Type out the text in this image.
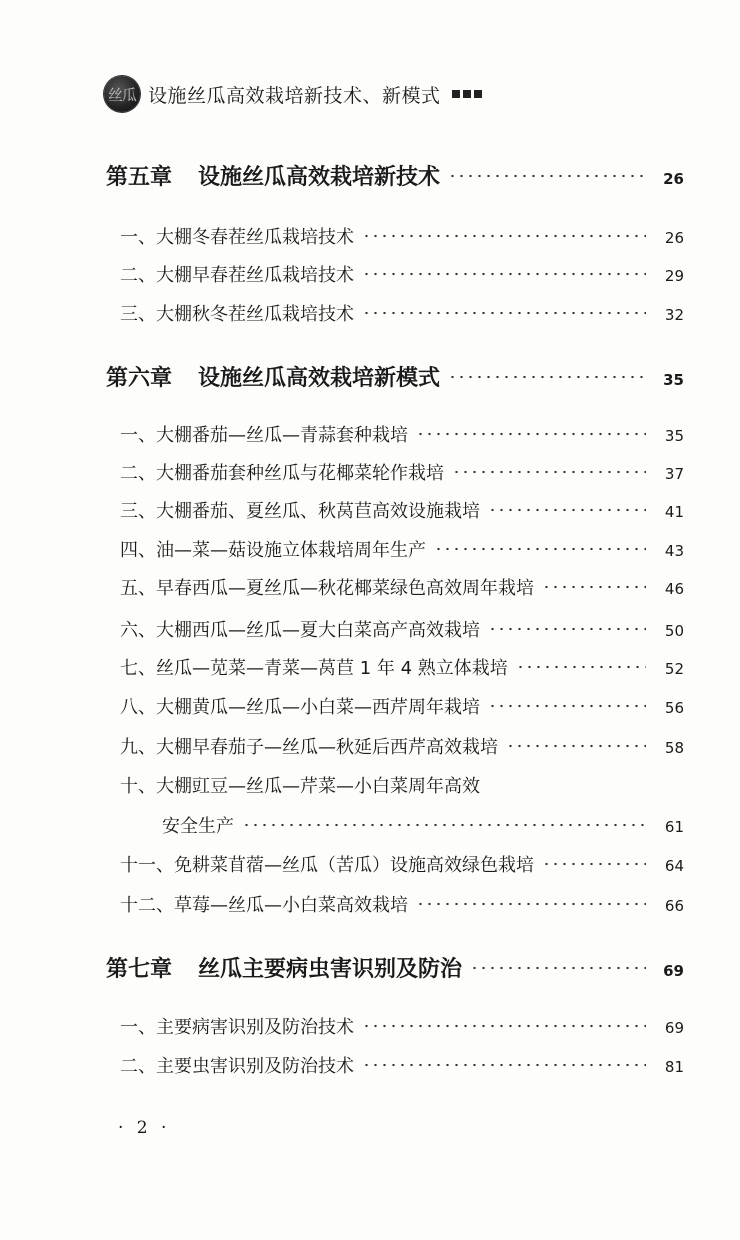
丝瓜 设施丝瓜高效栽培新技术、新模式
第五章 设施丝瓜高效栽培新技术	26
一、大棚冬春茬丝瓜栽培技术	26
二、大棚早春茬丝瓜栽培技术	29
三、大棚秋冬茬丝瓜栽培技术	32
第六章 设施丝瓜高效栽培新模式	35
一、大棚番茄—丝瓜—青蒜套种栽培	35
二、大棚番茄套种丝瓜与花椰菜轮作栽培	37
三、大棚番茄、夏丝瓜、秋莴苣高效设施栽培	41
四、油—菜—菇设施立体栽培周年生产	43
五、早春西瓜—夏丝瓜—秋花椰菜绿色高效周年栽培	46
六、大棚西瓜—丝瓜—夏大白菜高产高效栽培	50
七、丝瓜—苋菜—青菜—莴苣 1 年 4 熟立体栽培	52
八、大棚黄瓜—丝瓜—小白菜—西芹周年栽培	56
九、大棚早春茄子—丝瓜—秋延后西芹高效栽培	58
十、大棚豇豆—丝瓜—芹菜—小白菜周年高效
安全生产	61
十一、免耕菜苜蓿—丝瓜（苦瓜）设施高效绿色栽培	64
十二、草莓—丝瓜—小白菜高效栽培	66
第七章 丝瓜主要病虫害识别及防治	69
一、主要病害识别及防治技术	69
二、主要虫害识别及防治技术	81
· 2 ·
